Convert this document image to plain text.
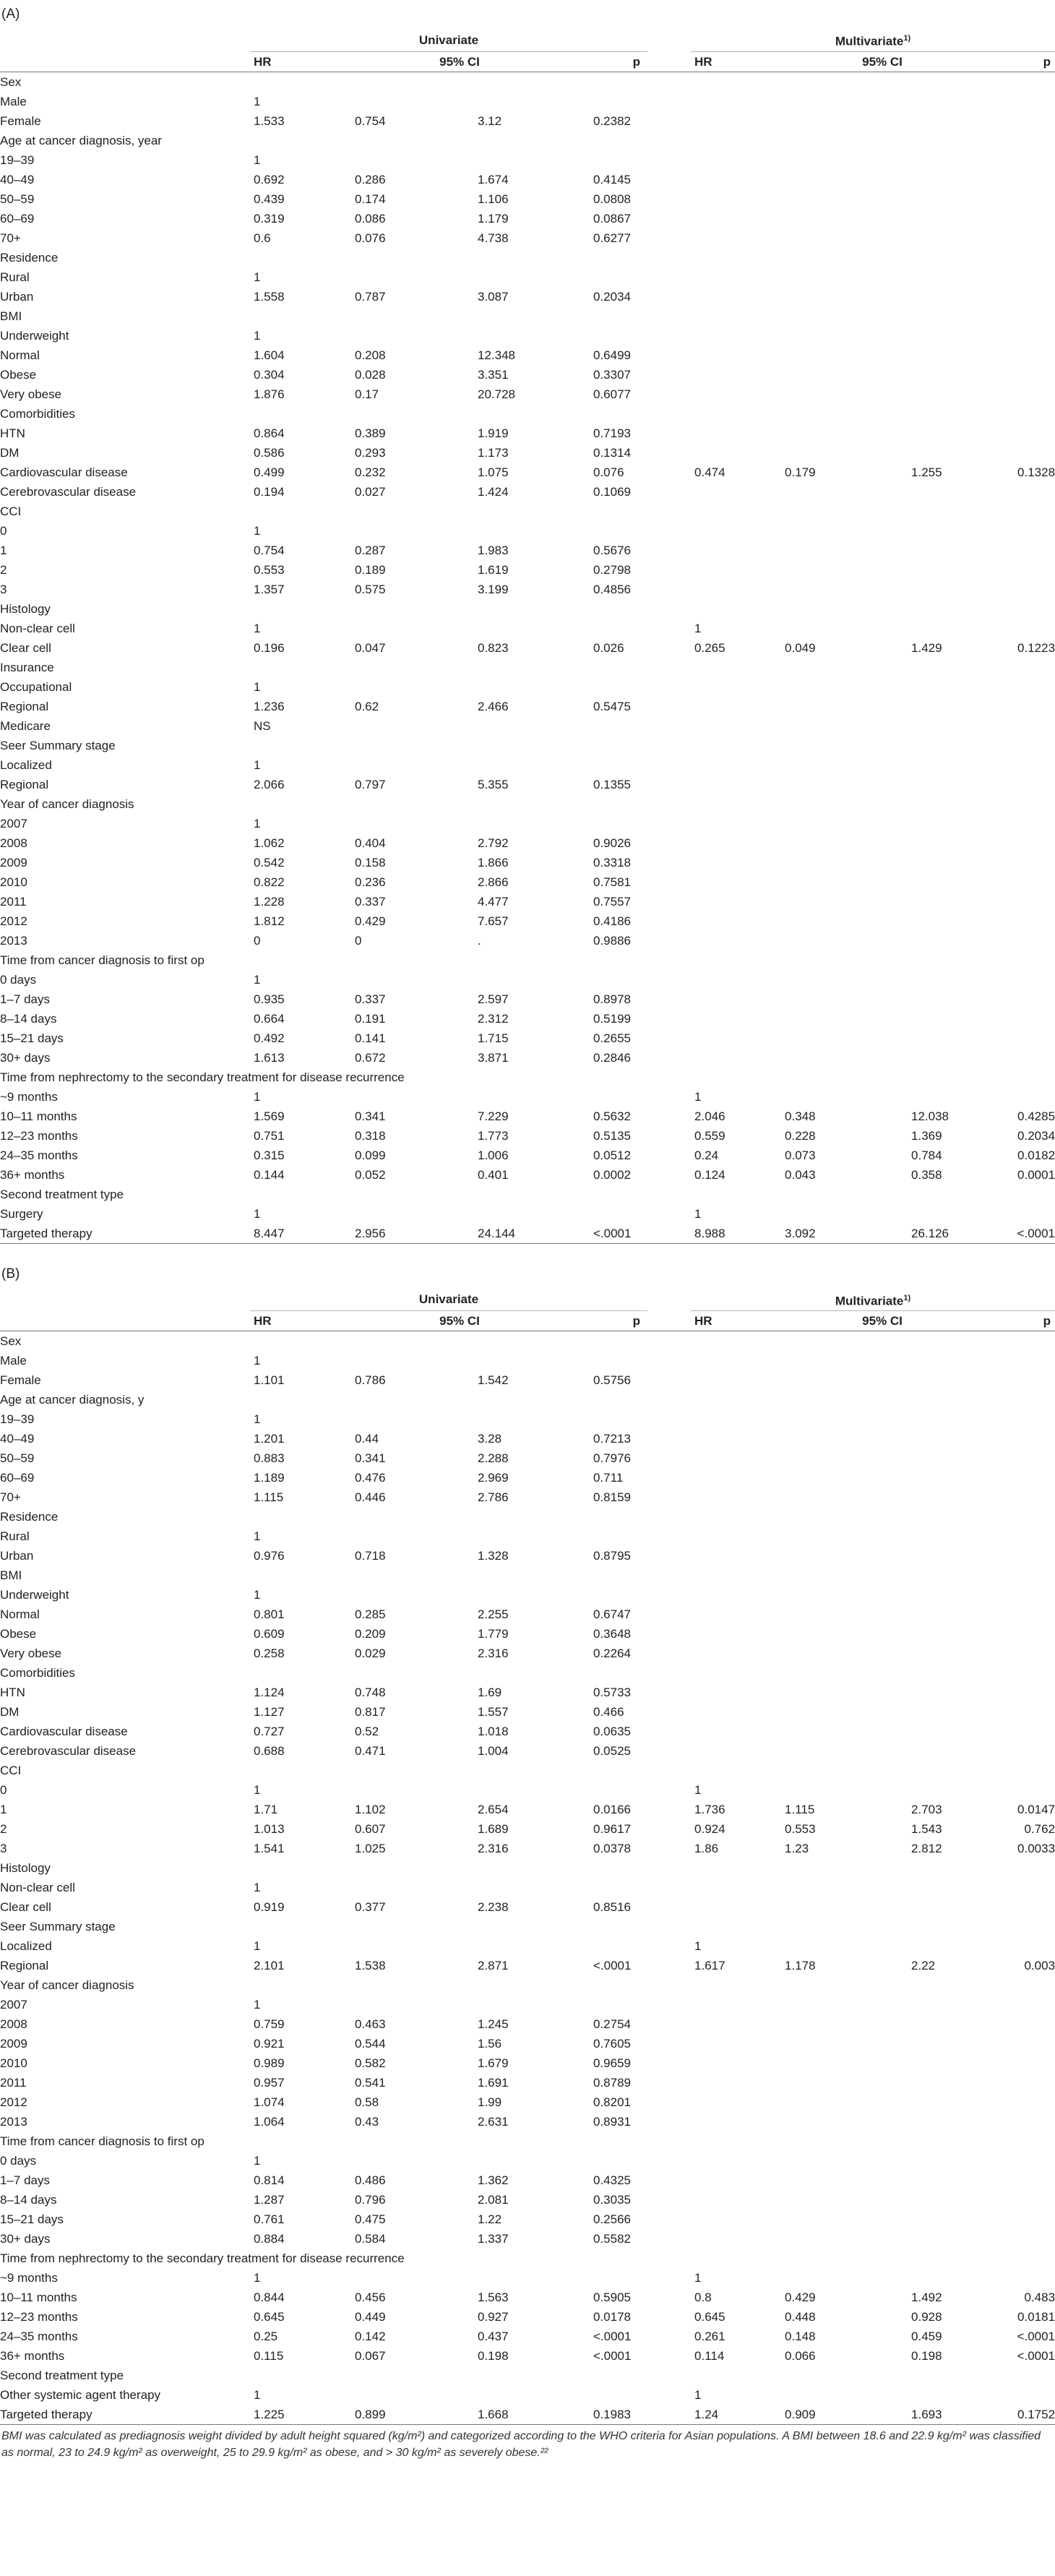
(A)
	Univariate					Multivariate$^{1)}$
	HR	95% CI		p		HR	95% CI		p
Sex									
Male	1								
Female	1.533	0.754	3.12	0.2382					
Age at cancer diagnosis, year									
19–39	1								
40–49	0.692	0.286	1.674	0.4145					
50–59	0.439	0.174	1.106	0.0808					
60–69	0.319	0.086	1.179	0.0867					
70+	0.6	0.076	4.738	0.6277					
Residence									
Rural	1								
Urban	1.558	0.787	3.087	0.2034					
BMI									
Underweight	1								
Normal	1.604	0.208	12.348	0.6499					
Obese	0.304	0.028	3.351	0.3307					
Very obese	1.876	0.17	20.728	0.6077					
Comorbidities									
HTN	0.864	0.389	1.919	0.7193					
DM	0.586	0.293	1.173	0.1314					
Cardiovascular disease	0.499	0.232	1.075	0.076		0.474	0.179	1.255	0.1328
Cerebrovascular disease	0.194	0.027	1.424	0.1069					
CCI									
0	1								
1	0.754	0.287	1.983	0.5676					
2	0.553	0.189	1.619	0.2798					
3	1.357	0.575	3.199	0.4856					
Histology									
Non-clear cell	1					1			
Clear cell	0.196	0.047	0.823	0.026		0.265	0.049	1.429	0.1223
Insurance									
Occupational	1								
Regional	1.236	0.62	2.466	0.5475					
Medicare	NS								
Seer Summary stage									
Localized	1								
Regional	2.066	0.797	5.355	0.1355					
Year of cancer diagnosis									
2007	1								
2008	1.062	0.404	2.792	0.9026					
2009	0.542	0.158	1.866	0.3318					
2010	0.822	0.236	2.866	0.7581					
2011	1.228	0.337	4.477	0.7557					
2012	1.812	0.429	7.657	0.4186					
2013	0	0	.	0.9886					
Time from cancer diagnosis to first op									
0 days	1								
1–7 days	0.935	0.337	2.597	0.8978					
8–14 days	0.664	0.191	2.312	0.5199					
15–21 days	0.492	0.141	1.715	0.2655					
30+ days	1.613	0.672	3.871	0.2846					
Time from nephrectomy to the secondary treatment for disease recurrence									
~9 months	1					1			
10–11 months	1.569	0.341	7.229	0.5632		2.046	0.348	12.038	0.4285
12–23 months	0.751	0.318	1.773	0.5135		0.559	0.228	1.369	0.2034
24–35 months	0.315	0.099	1.006	0.0512		0.24	0.073	0.784	0.0182
36+ months	0.144	0.052	0.401	0.0002		0.124	0.043	0.358	0.0001
Second treatment type									
Surgery	1					1			
Targeted therapy	8.447	2.956	24.144	<.0001		8.988	3.092	26.126	<.0001
(B)
	Univariate					Multivariate$^{1)}$
	HR	95% CI		p		HR	95% CI		p
Sex									
Male	1								
Female	1.101	0.786	1.542	0.5756					
Age at cancer diagnosis, y									
19–39	1								
40–49	1.201	0.44	3.28	0.7213					
50–59	0.883	0.341	2.288	0.7976					
60–69	1.189	0.476	2.969	0.711					
70+	1.115	0.446	2.786	0.8159					
Residence									
Rural	1								
Urban	0.976	0.718	1.328	0.8795					
BMI									
Underweight	1								
Normal	0.801	0.285	2.255	0.6747					
Obese	0.609	0.209	1.779	0.3648					
Very obese	0.258	0.029	2.316	0.2264					
Comorbidities									
HTN	1.124	0.748	1.69	0.5733					
DM	1.127	0.817	1.557	0.466					
Cardiovascular disease	0.727	0.52	1.018	0.0635					
Cerebrovascular disease	0.688	0.471	1.004	0.0525					
CCI									
0	1					1			
1	1.71	1.102	2.654	0.0166		1.736	1.115	2.703	0.0147
2	1.013	0.607	1.689	0.9617		0.924	0.553	1.543	0.762
3	1.541	1.025	2.316	0.0378		1.86	1.23	2.812	0.0033
Histology									
Non-clear cell	1								
Clear cell	0.919	0.377	2.238	0.8516					
Seer Summary stage									
Localized	1					1			
Regional	2.101	1.538	2.871	<.0001		1.617	1.178	2.22	0.003
Year of cancer diagnosis									
2007	1								
2008	0.759	0.463	1.245	0.2754					
2009	0.921	0.544	1.56	0.7605					
2010	0.989	0.582	1.679	0.9659					
2011	0.957	0.541	1.691	0.8789					
2012	1.074	0.58	1.99	0.8201					
2013	1.064	0.43	2.631	0.8931					
Time from cancer diagnosis to first op									
0 days	1								
1–7 days	0.814	0.486	1.362	0.4325					
8–14 days	1.287	0.796	2.081	0.3035					
15–21 days	0.761	0.475	1.22	0.2566					
30+ days	0.884	0.584	1.337	0.5582					
Time from nephrectomy to the secondary treatment for disease recurrence									
~9 months	1					1			
10–11 months	0.844	0.456	1.563	0.5905		0.8	0.429	1.492	0.483
12–23 months	0.645	0.449	0.927	0.0178		0.645	0.448	0.928	0.0181
24–35 months	0.25	0.142	0.437	<.0001		0.261	0.148	0.459	<.0001
36+ months	0.115	0.067	0.198	<.0001		0.114	0.066	0.198	<.0001
Second treatment type									
Other systemic agent therapy	1					1			
Targeted therapy	1.225	0.899	1.668	0.1983		1.24	0.909	1.693	0.1752
BMI was calculated as prediagnosis weight divided by adult height squared (kg/m²) and categorized according to the WHO criteria for Asian populations. A BMI between 18.6 and 22.9 kg/m² was classified as normal, 23 to 24.9 kg/m² as overweight, 25 to 29.9 kg/m² as obese, and > 30 kg/m² as severely obese.²²
